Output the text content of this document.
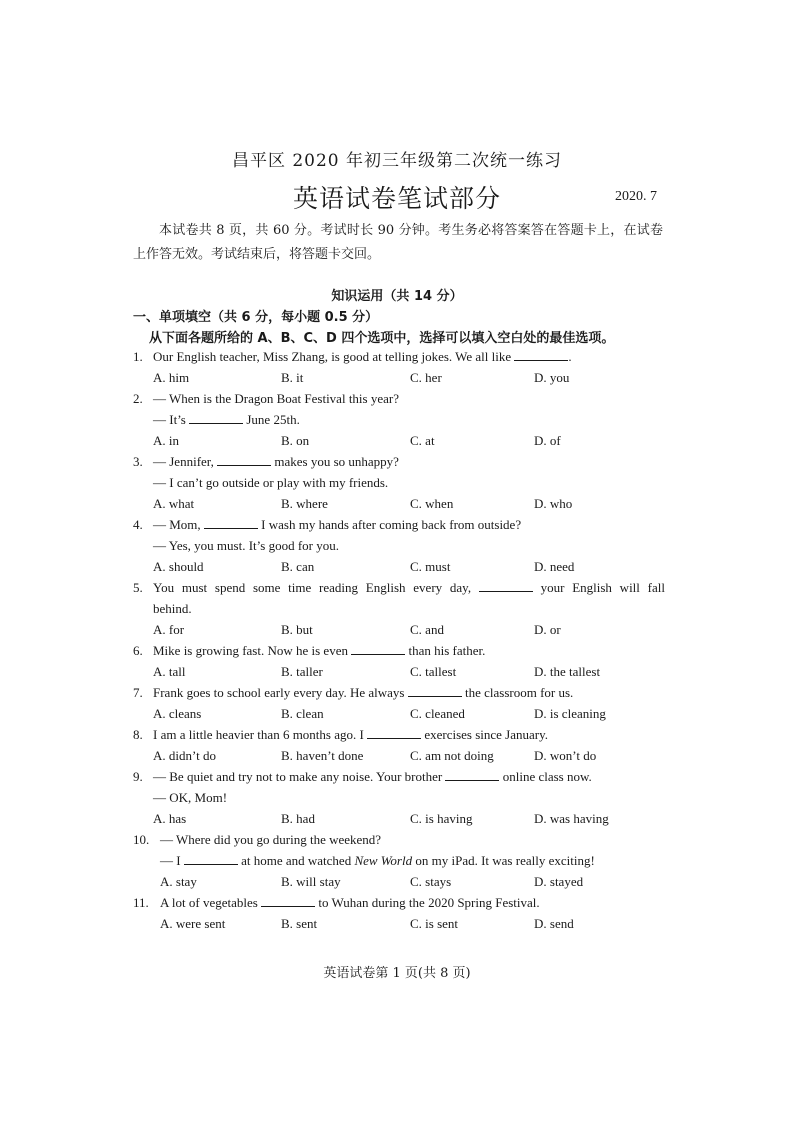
昌平区 2020 年初三年级第二次统一练习
英语试卷笔试部分	2020. 7
本试卷共 8 页，共 60 分。考试时长 90 分钟。考生务必将答案答在答题卡上，在试卷上作答无效。考试结束后，将答题卡交回。
知识运用（共 14 分）
一、单项填空（共 6 分，每小题 0.5 分）
从下面各题所给的 A、B、C、D 四个选项中，选择可以填入空白处的最佳选项。
1. Our English teacher, Miss Zhang, is good at telling jokes. We all like	.
A. him	B. it	C. her	D. you
2. — When is the Dragon Boat Festival this year?
— It’s	June 25th.
A. in	B. on	C. at	D. of
3. — Jennifer,	makes you so unhappy?
— I can’t go outside or play with my friends.
A. what	B. where	C. when	D. who
4. — Mom,	I wash my hands after coming back from outside?
— Yes, you must. It’s good for you.
A. should	B. can	C. must	D. need
5. You must spend some time reading English every day,	your English will fall
behind.
A. for	B. but	C. and	D. or
6. Mike is growing fast. Now he is even	than his father.
A. tall	B. taller	C. tallest	D. the tallest
7. Frank goes to school early every day. He always	the classroom for us.
A. cleans	B. clean	C. cleaned	D. is cleaning
8. I am a little heavier than 6 months ago. I	exercises since January.
A. didn’t do	B. haven’t done	C. am not doing	D. won’t do
9. — Be quiet and try not to make any noise. Your brother	online class now.
— OK, Mom!
A. has	B. had	C. is having	D. was having
10. — Where did you go during the weekend?
— I	at home and watched New World on my iPad. It was really exciting!
A. stay	B. will stay	C. stays	D. stayed
11. A lot of vegetables	to Wuhan during the 2020 Spring Festival.
A. were sent	B. sent	C. is sent	D. send
英语试卷第 1 页(共 8 页)
